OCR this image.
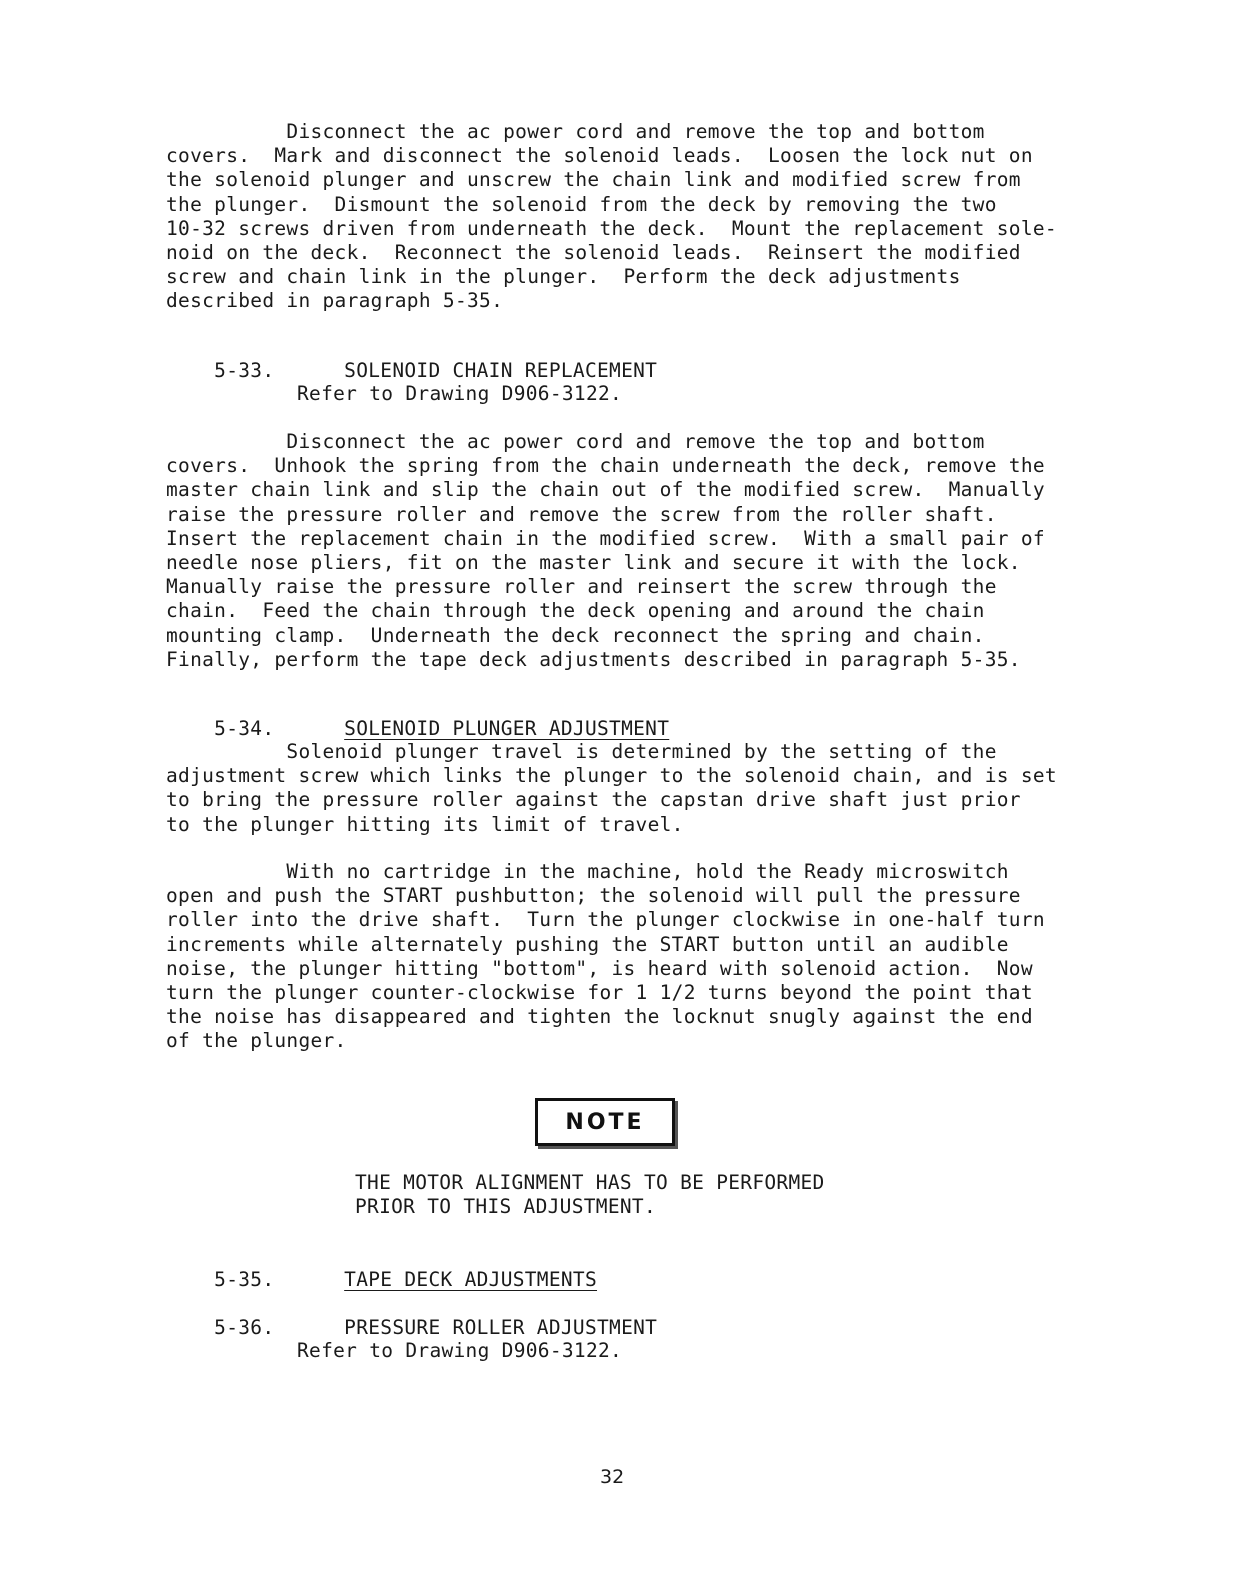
Disconnect the ac power cord and remove the top and bottom
covers.  Mark and disconnect the solenoid leads.  Loosen the lock nut on
the solenoid plunger and unscrew the chain link and modified screw from
the plunger.  Dismount the solenoid from the deck by removing the two
10-32 screws driven from underneath the deck.  Mount the replacement sole-
noid on the deck.  Reconnect the solenoid leads.  Reinsert the modified
screw and chain link in the plunger.  Perform the deck adjustments
described in paragraph 5-35.

5-33.	SOLENOID CHAIN REPLACEMENT

Refer to Drawing D906-3122.

Disconnect the ac power cord and remove the top and bottom
covers.  Unhook the spring from the chain underneath the deck, remove the
master chain link and slip the chain out of the modified screw.  Manually
raise the pressure roller and remove the screw from the roller shaft.
Insert the replacement chain in the modified screw.  With a small pair of
needle nose pliers, fit on the master link and secure it with the lock.
Manually raise the pressure roller and reinsert the screw through the
chain.  Feed the chain through the deck opening and around the chain
mounting clamp.  Underneath the deck reconnect the spring and chain.
Finally, perform the tape deck adjustments described in paragraph 5-35.

5-34.	SOLENOID PLUNGER ADJUSTMENT

Solenoid plunger travel is determined by the setting of the
adjustment screw which links the plunger to the solenoid chain, and is set
to bring the pressure roller against the capstan drive shaft just prior
to the plunger hitting its limit of travel.

With no cartridge in the machine, hold the Ready microswitch
open and push the START pushbutton; the solenoid will pull the pressure
roller into the drive shaft.  Turn the plunger clockwise in one-half turn
increments while alternately pushing the START button until an audible
noise, the plunger hitting "bottom", is heard with solenoid action.  Now
turn the plunger counter-clockwise for 1 1/2 turns beyond the point that
the noise has disappeared and tighten the locknut snugly against the end
of the plunger.

NOTE
THE MOTOR ALIGNMENT HAS TO BE PERFORMED
PRIOR TO THIS ADJUSTMENT.

5-35.	TAPE DECK ADJUSTMENTS

5-36.	PRESSURE ROLLER ADJUSTMENT

Refer to Drawing D906-3122.
32
